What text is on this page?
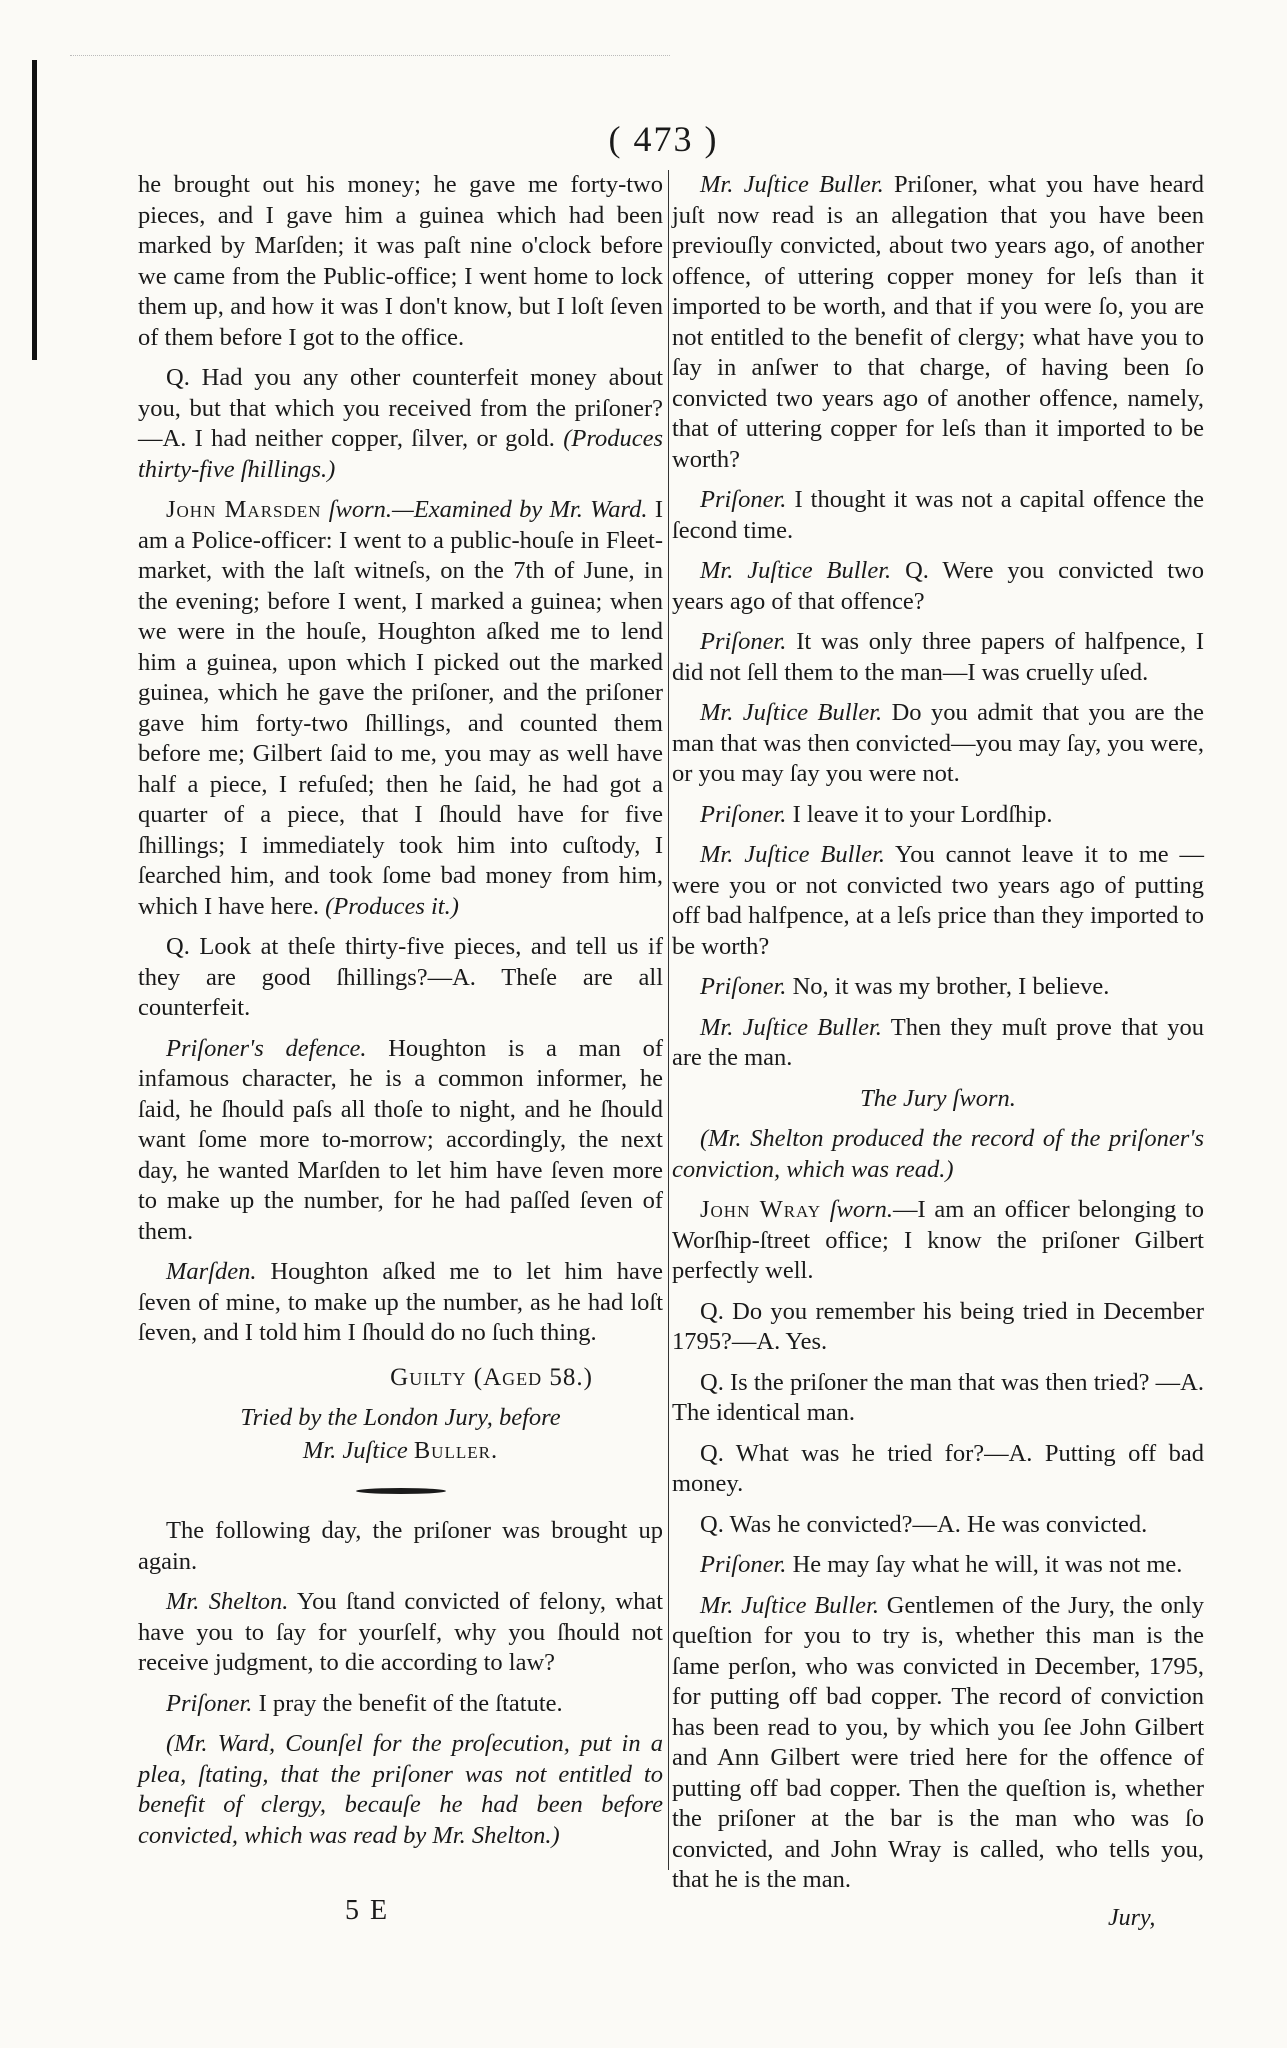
( 473 )

he brought out his money; he gave me forty-two pieces, and I gave him a guinea which had been marked by Marſden; it was paſt nine o'clock before we came from the Public-office; I went home to lock them up, and how it was I don't know, but I loſt ſeven of them before I got to the office.

Q. Had you any other counterfeit money about you, but that which you received from the priſoner?—A. I had neither copper, ſilver, or gold. (Produces thirty-five ſhillings.)

John Marsden ſworn.—Examined by Mr. Ward. I am a Police-officer: I went to a public-houſe in Fleet-market, with the laſt witneſs, on the 7th of June, in the evening; before I went, I marked a guinea; when we were in the houſe, Houghton aſked me to lend him a guinea, upon which I picked out the marked guinea, which he gave the priſoner, and the priſoner gave him forty-two ſhillings, and counted them before me; Gilbert ſaid to me, you may as well have half a piece, I refuſed; then he ſaid, he had got a quarter of a piece, that I ſhould have for five ſhillings; I immediately took him into cuſtody, I ſearched him, and took ſome bad money from him, which I have here. (Produces it.)

Q. Look at theſe thirty-five pieces, and tell us if they are good ſhillings?—A. Theſe are all counterfeit.

Priſoner's defence. Houghton is a man of infamous character, he is a common informer, he ſaid, he ſhould paſs all thoſe to night, and he ſhould want ſome more to-morrow; accordingly, the next day, he wanted Marſden to let him have ſeven more to make up the number, for he had paſſed ſeven of them.

Marſden. Houghton aſked me to let him have ſeven of mine, to make up the number, as he had loſt ſeven, and I told him I ſhould do no ſuch thing.

Guilty (Aged 58.)

Tried by the London Jury, before

Mr. Juſtice Buller.

The following day, the priſoner was brought up again.

Mr. Shelton. You ſtand convicted of felony, what have you to ſay for yourſelf, why you ſhould not receive judgment, to die according to law?

Priſoner. I pray the benefit of the ſtatute.

(Mr. Ward, Counſel for the proſecution, put in a plea, ſtating, that the priſoner was not entitled to benefit of clergy, becauſe he had been before convicted, which was read by Mr. Shelton.)

Mr. Juſtice Buller. Priſoner, what you have heard juſt now read is an allegation that you have been previouſly convicted, about two years ago, of another offence, of uttering copper money for leſs than it imported to be worth, and that if you were ſo, you are not entitled to the benefit of clergy; what have you to ſay in anſwer to that charge, of having been ſo convicted two years ago of another offence, namely, that of uttering copper for leſs than it imported to be worth?

Priſoner. I thought it was not a capital offence the ſecond time.

Mr. Juſtice Buller. Q. Were you convicted two years ago of that offence?

Priſoner. It was only three papers of halfpence, I did not ſell them to the man—I was cruelly uſed.

Mr. Juſtice Buller. Do you admit that you are the man that was then convicted—you may ſay, you were, or you may ſay you were not.

Priſoner. I leave it to your Lordſhip.

Mr. Juſtice Buller. You cannot leave it to me —were you or not convicted two years ago of putting off bad halfpence, at a leſs price than they imported to be worth?

Priſoner. No, it was my brother, I believe.

Mr. Juſtice Buller. Then they muſt prove that you are the man.

The Jury ſworn.

(Mr. Shelton produced the record of the priſoner's conviction, which was read.)

John Wray ſworn.—I am an officer belonging to Worſhip-ſtreet office; I know the priſoner Gilbert perfectly well.

Q. Do you remember his being tried in December 1795?—A. Yes.

Q. Is the priſoner the man that was then tried? —A. The identical man.

Q. What was he tried for?—A. Putting off bad money.

Q. Was he convicted?—A. He was convicted.

Priſoner. He may ſay what he will, it was not me.

Mr. Juſtice Buller. Gentlemen of the Jury, the only queſtion for you to try is, whether this man is the ſame perſon, who was convicted in December, 1795, for putting off bad copper. The record of conviction has been read to you, by which you ſee John Gilbert and Ann Gilbert were tried here for the offence of putting off bad copper. Then the queſtion is, whether the priſoner at the bar is the man who was ſo convicted, and John Wray is called, who tells you, that he is the man.

5 E	Jury,
